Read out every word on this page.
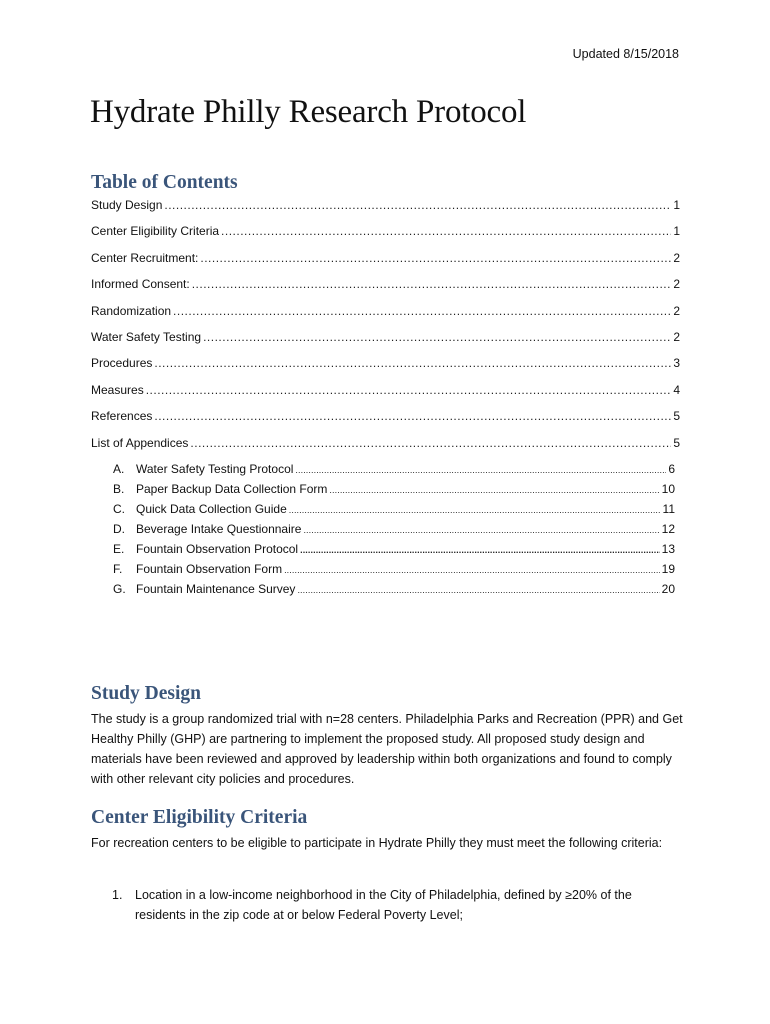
Updated 8/15/2018
Hydrate Philly Research Protocol
Table of Contents
Study Design .....	1
Center Eligibility Criteria .....	1
Center Recruitment: .....	2
Informed Consent: .....	2
Randomization .....	2
Water Safety Testing .....	2
Procedures .....	3
Measures .....	4
References .....	5
List of Appendices .....	5
A. Water Safety Testing Protocol .....	6
B. Paper Backup Data Collection Form .....	10
C. Quick Data Collection Guide .....	11
D. Beverage Intake Questionnaire .....	12
E. Fountain Observation Protocol .....	13
F. Fountain Observation Form .....	19
G. Fountain Maintenance Survey .....	20
Study Design

The study is a group randomized trial with n=28 centers. Philadelphia Parks and Recreation (PPR) and Get Healthy Philly (GHP) are partnering to implement the proposed study. All proposed study design and materials have been reviewed and approved by leadership within both organizations and found to comply with other relevant city policies and procedures.

Center Eligibility Criteria

For recreation centers to be eligible to participate in Hydrate Philly they must meet the following criteria:

1. Location in a low-income neighborhood in the City of Philadelphia, defined by ≥20% of the residents in the zip code at or below Federal Poverty Level;
